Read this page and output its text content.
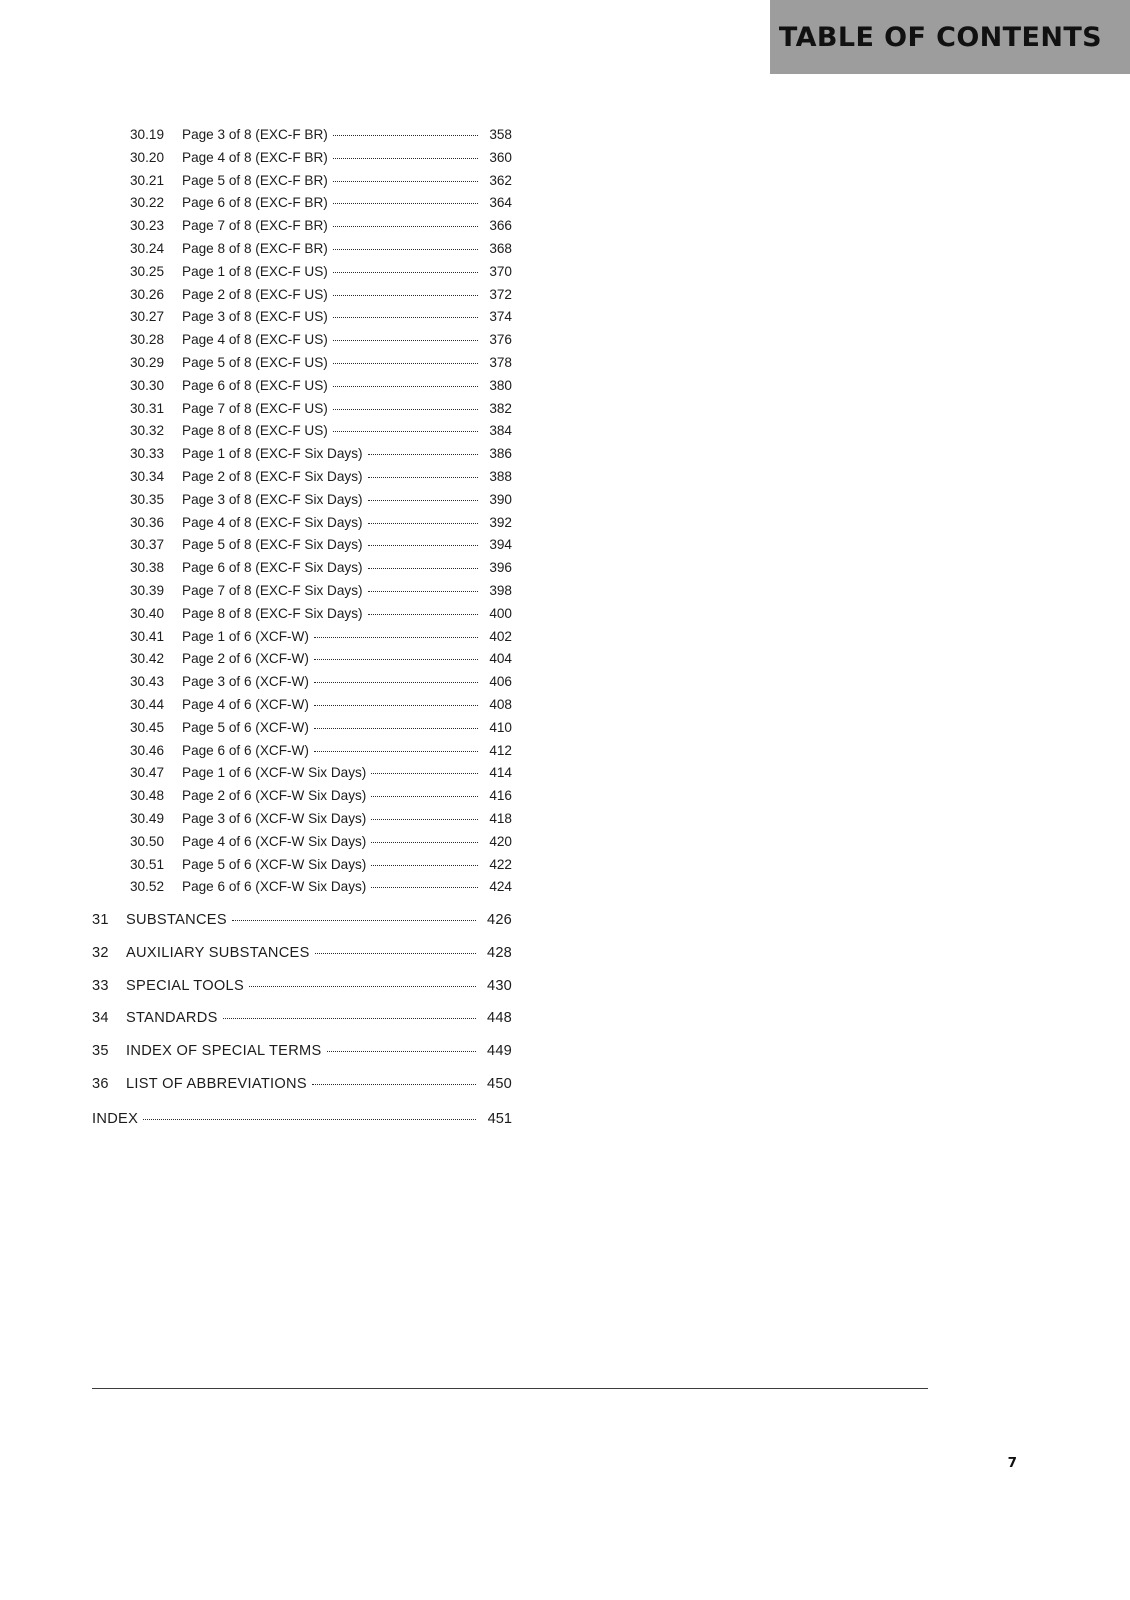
TABLE OF CONTENTS
30.19	Page 3 of 8 (EXC-F BR)	358
30.20	Page 4 of 8 (EXC-F BR)	360
30.21	Page 5 of 8 (EXC-F BR)	362
30.22	Page 6 of 8 (EXC-F BR)	364
30.23	Page 7 of 8 (EXC-F BR)	366
30.24	Page 8 of 8 (EXC-F BR)	368
30.25	Page 1 of 8 (EXC-F US)	370
30.26	Page 2 of 8 (EXC-F US)	372
30.27	Page 3 of 8 (EXC-F US)	374
30.28	Page 4 of 8 (EXC-F US)	376
30.29	Page 5 of 8 (EXC-F US)	378
30.30	Page 6 of 8 (EXC-F US)	380
30.31	Page 7 of 8 (EXC-F US)	382
30.32	Page 8 of 8 (EXC-F US)	384
30.33	Page 1 of 8 (EXC-F Six Days)	386
30.34	Page 2 of 8 (EXC-F Six Days)	388
30.35	Page 3 of 8 (EXC-F Six Days)	390
30.36	Page 4 of 8 (EXC-F Six Days)	392
30.37	Page 5 of 8 (EXC-F Six Days)	394
30.38	Page 6 of 8 (EXC-F Six Days)	396
30.39	Page 7 of 8 (EXC-F Six Days)	398
30.40	Page 8 of 8 (EXC-F Six Days)	400
30.41	Page 1 of 6 (XCF-W)	402
30.42	Page 2 of 6 (XCF-W)	404
30.43	Page 3 of 6 (XCF-W)	406
30.44	Page 4 of 6 (XCF-W)	408
30.45	Page 5 of 6 (XCF-W)	410
30.46	Page 6 of 6 (XCF-W)	412
30.47	Page 1 of 6 (XCF-W Six Days)	414
30.48	Page 2 of 6 (XCF-W Six Days)	416
30.49	Page 3 of 6 (XCF-W Six Days)	418
30.50	Page 4 of 6 (XCF-W Six Days)	420
30.51	Page 5 of 6 (XCF-W Six Days)	422
30.52	Page 6 of 6 (XCF-W Six Days)	424
31	SUBSTANCES	426
32	AUXILIARY SUBSTANCES	428
33	SPECIAL TOOLS	430
34	STANDARDS	448
35	INDEX OF SPECIAL TERMS	449
36	LIST OF ABBREVIATIONS	450
INDEX	451
7
